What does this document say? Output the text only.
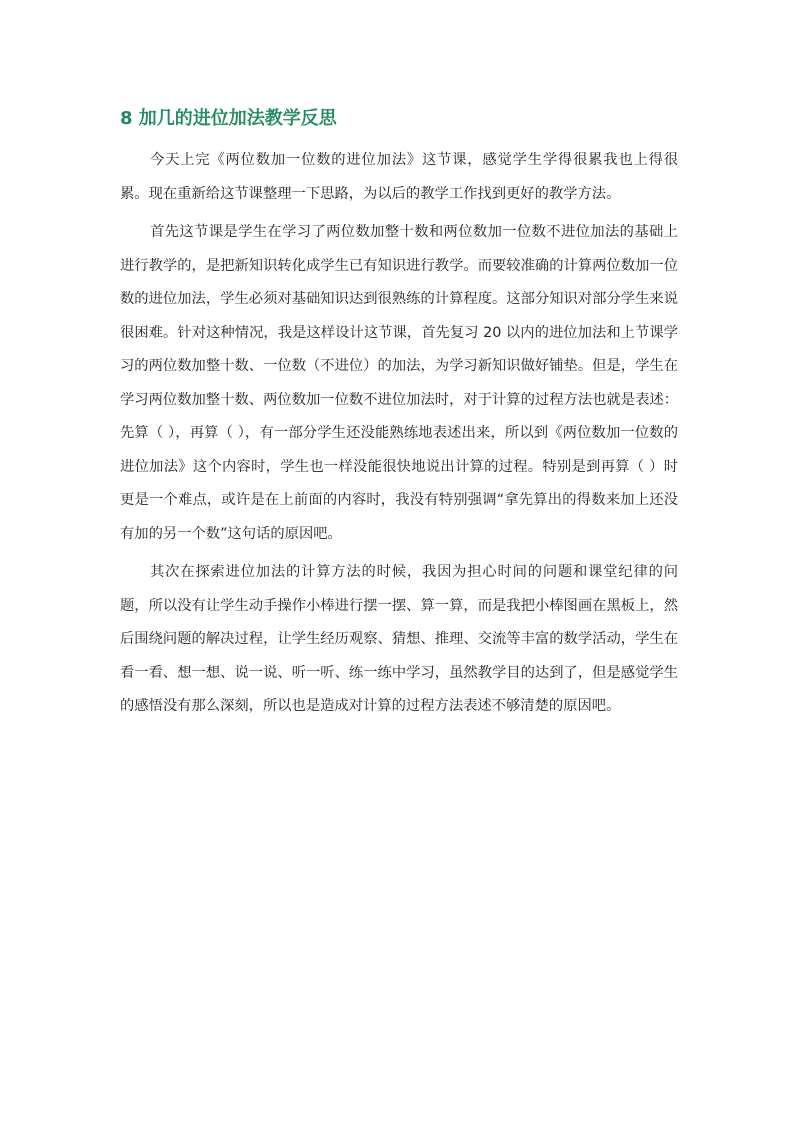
8 加几的进位加法教学反思

今天上完《两位数加一位数的进位加法》这节课，感觉学生学得很累我也上得很累。现在重新给这节课整理一下思路，为以后的教学工作找到更好的教学方法。

首先这节课是学生在学习了两位数加整十数和两位数加一位数不进位加法的基础上进行教学的，是把新知识转化成学生已有知识进行教学。而要较准确的计算两位数加一位数的进位加法，学生必须对基础知识达到很熟练的计算程度。这部分知识对部分学生来说很困难。针对这种情况，我是这样设计这节课，首先复习 20 以内的进位加法和上节课学习的两位数加整十数、一位数（不进位）的加法，为学习新知识做好铺垫。但是，学生在学习两位数加整十数、两位数加一位数不进位加法时，对于计算的过程方法也就是表述：先算（ ），再算（ ），有一部分学生还没能熟练地表述出来，所以到《两位数加一位数的进位加法》这个内容时，学生也一样没能很快地说出计算的过程。特别是到再算（ ）时更是一个难点，或许是在上前面的内容时，我没有特别强调“拿先算出的得数来加上还没有加的另一个数”这句话的原因吧。

其次在探索进位加法的计算方法的时候，我因为担心时间的问题和课堂纪律的问题，所以没有让学生动手操作小棒进行摆一摆、算一算，而是我把小棒图画在黑板上，然后围绕问题的解决过程，让学生经历观察、猜想、推理、交流等丰富的数学活动，学生在看一看、想一想、说一说、听一听、练一练中学习，虽然教学目的达到了，但是感觉学生的感悟没有那么深刻，所以也是造成对计算的过程方法表述不够清楚的原因吧。
